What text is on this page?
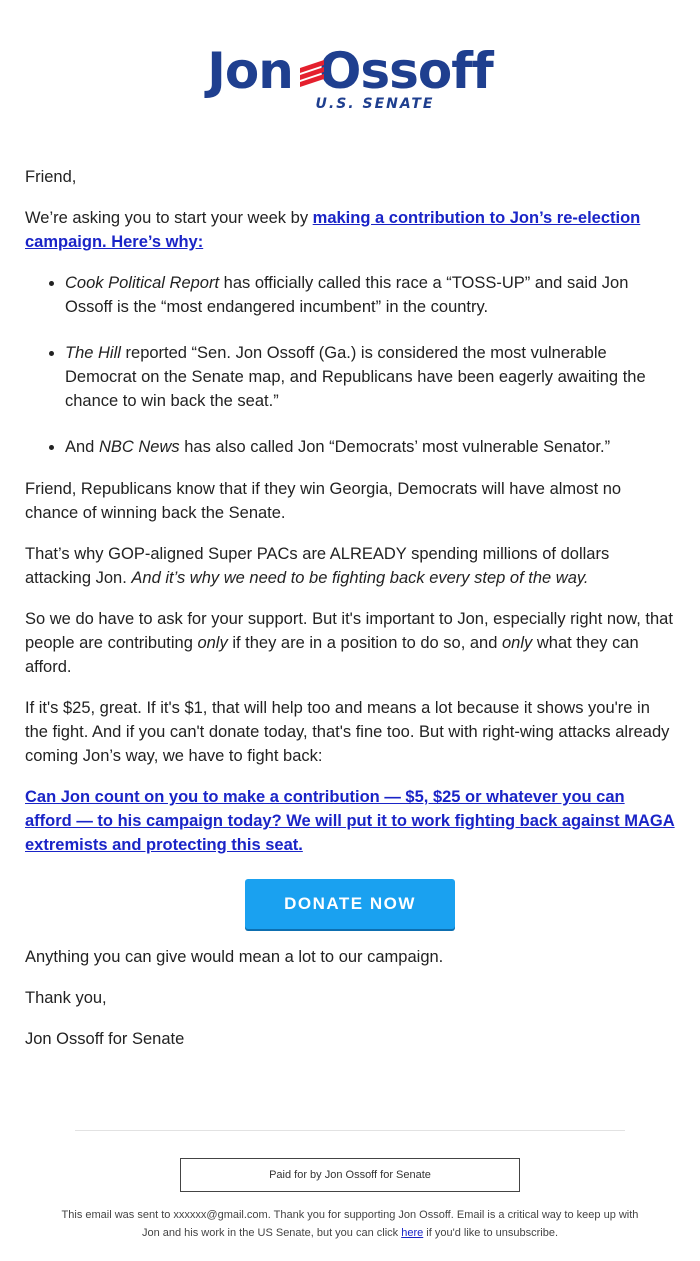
Jon Ossoff
U.S. SENATE

Friend,

We’re asking you to start your week by making a contribution to Jon’s re-election campaign. Here’s why:

• Cook Political Report has officially called this race a “TOSS-UP” and said Jon Ossoff is the “most endangered incumbent” in the country.
• The Hill reported “Sen. Jon Ossoff (Ga.) is considered the most vulnerable Democrat on the Senate map, and Republicans have been eagerly awaiting the chance to win back the seat.”
• And NBC News has also called Jon “Democrats’ most vulnerable Senator.”

Friend, Republicans know that if they win Georgia, Democrats will have almost no chance of winning back the Senate.

That’s why GOP-aligned Super PACs are ALREADY spending millions of dollars attacking Jon. And it’s why we need to be fighting back every step of the way.

So we do have to ask for your support. But it's important to Jon, especially right now, that people are contributing only if they are in a position to do so, and only what they can afford.

If it's $25, great. If it's $1, that will help too and means a lot because it shows you're in the fight. And if you can't donate today, that's fine too. But with right-wing attacks already coming Jon’s way, we have to fight back:

Can Jon count on you to make a contribution — $5, $25 or whatever you can afford — to his campaign today? We will put it to work fighting back against MAGA extremists and protecting this seat.

DONATE NOW

Anything you can give would mean a lot to our campaign.

Thank you,

Jon Ossoff for Senate

Paid for by Jon Ossoff for Senate
This email was sent to xxxxxx@gmail.com. Thank you for supporting Jon Ossoff. Email is a critical way to keep up with Jon and his work in the US Senate, but you can click here if you'd like to unsubscribe.
